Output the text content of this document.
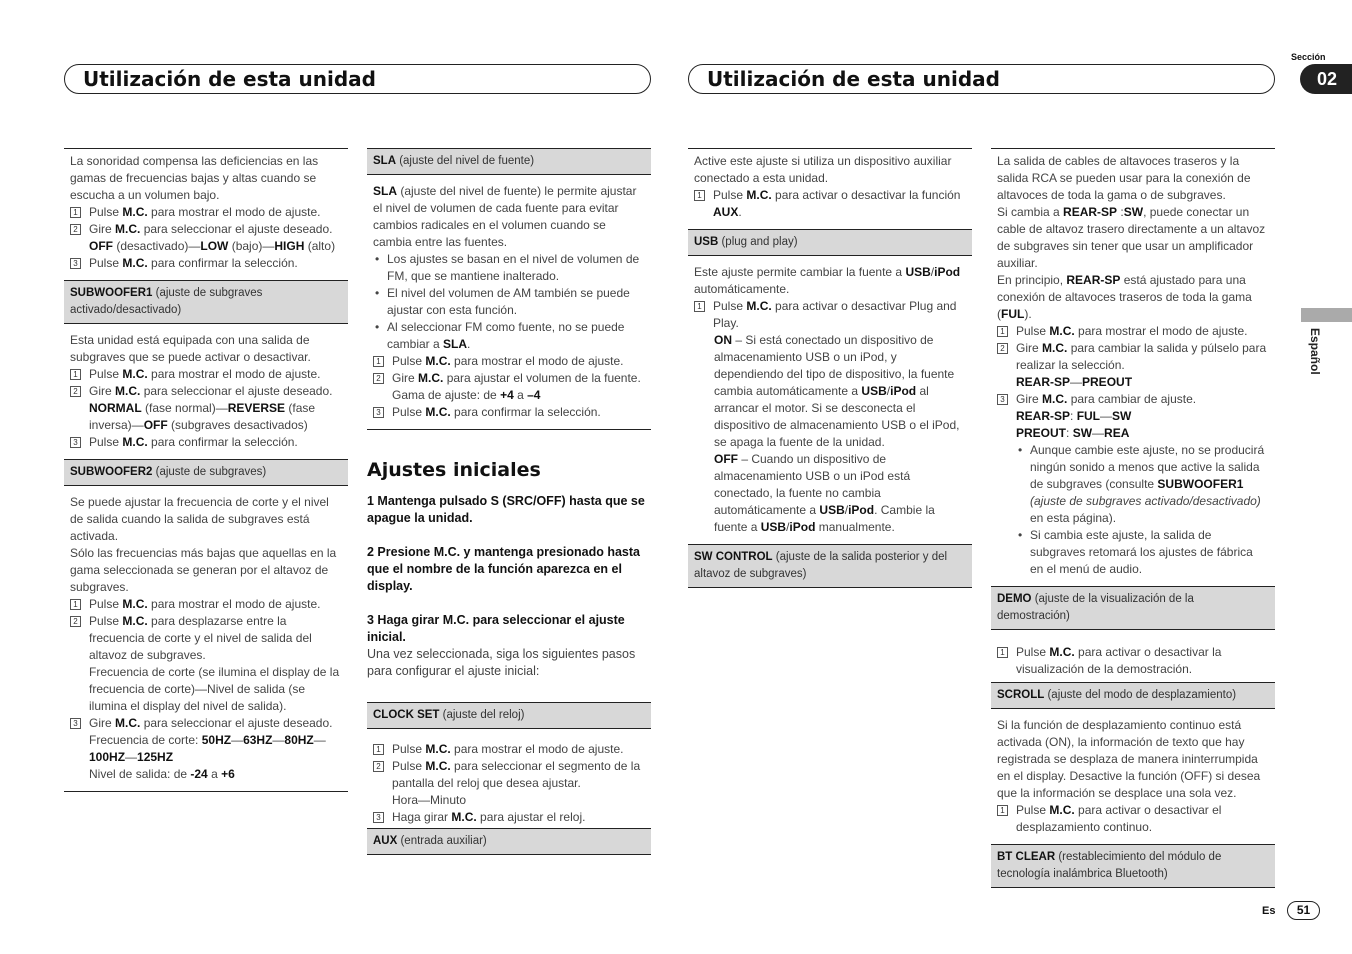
Utilización de esta unidad	Utilización de esta unidad
Sección
02
Español
La sonoridad compensa las deficiencias en las gamas de frecuencias bajas y altas cuando se escucha a un volumen bajo.
1 Pulse M.C. para mostrar el modo de ajuste.
2 Gire M.C. para seleccionar el ajuste deseado.
OFF (desactivado)—LOW (bajo)—HIGH (alto)
3 Pulse M.C. para confirmar la selección.
SUBWOOFER1 (ajuste de subgraves activado/desactivado)
Esta unidad está equipada con una salida de subgraves que se puede activar o desactivar.
1 Pulse M.C. para mostrar el modo de ajuste.
2 Gire M.C. para seleccionar el ajuste deseado.
NORMAL (fase normal)—REVERSE (fase inversa)—OFF (subgraves desactivados)
3 Pulse M.C. para confirmar la selección.
SUBWOOFER2 (ajuste de subgraves)
Se puede ajustar la frecuencia de corte y el nivel de salida cuando la salida de subgraves está activada.
Sólo las frecuencias más bajas que aquellas en la gama seleccionada se generan por el altavoz de subgraves.
1 Pulse M.C. para mostrar el modo de ajuste.
2 Pulse M.C. para desplazarse entre la frecuencia de corte y el nivel de salida del altavoz de subgraves.
Frecuencia de corte (se ilumina el display de la frecuencia de corte)—Nivel de salida (se ilumina el display del nivel de salida).
3 Gire M.C. para seleccionar el ajuste deseado.
Frecuencia de corte: 50HZ—63HZ—80HZ—100HZ—125HZ
Nivel de salida: de -24 a +6
SLA (ajuste del nivel de fuente)
SLA (ajuste del nivel de fuente) le permite ajustar el nivel de volumen de cada fuente para evitar cambios radicales en el volumen cuando se cambia entre las fuentes.
• Los ajustes se basan en el nivel de volumen de FM, que se mantiene inalterado.
• El nivel del volumen de AM también se puede ajustar con esta función.
• Al seleccionar FM como fuente, no se puede cambiar a SLA.
1 Pulse M.C. para mostrar el modo de ajuste.
2 Gire M.C. para ajustar el volumen de la fuente.
Gama de ajuste: de +4 a –4
3 Pulse M.C. para confirmar la selección.
Ajustes iniciales
1 Mantenga pulsado S (SRC/OFF) hasta que se apague la unidad.
2 Presione M.C. y mantenga presionado hasta que el nombre de la función aparezca en el display.
3 Haga girar M.C. para seleccionar el ajuste inicial.
Una vez seleccionada, siga los siguientes pasos para configurar el ajuste inicial:
CLOCK SET (ajuste del reloj)
1 Pulse M.C. para mostrar el modo de ajuste.
2 Pulse M.C. para seleccionar el segmento de la pantalla del reloj que desea ajustar.
Hora—Minuto
3 Haga girar M.C. para ajustar el reloj.
AUX (entrada auxiliar)
Active este ajuste si utiliza un dispositivo auxiliar conectado a esta unidad.
1 Pulse M.C. para activar o desactivar la función AUX.
USB (plug and play)
Este ajuste permite cambiar la fuente a USB/iPod automáticamente.
1 Pulse M.C. para activar o desactivar Plug and Play.
ON – Si está conectado un dispositivo de almacenamiento USB o un iPod, y dependiendo del tipo de dispositivo, la fuente cambia automáticamente a USB/iPod al arrancar el motor. Si se desconecta el dispositivo de almacenamiento USB o el iPod, se apaga la fuente de la unidad.
OFF – Cuando un dispositivo de almacenamiento USB o un iPod está conectado, la fuente no cambia automáticamente a USB/iPod. Cambie la fuente a USB/iPod manualmente.
SW CONTROL (ajuste de la salida posterior y del altavoz de subgraves)
La salida de cables de altavoces traseros y la salida RCA se pueden usar para la conexión de altavoces de toda la gama o de subgraves.
Si cambia a REAR-SP :SW, puede conectar un cable de altavoz trasero directamente a un altavoz de subgraves sin tener que usar un amplificador auxiliar.
En principio, REAR-SP está ajustado para una conexión de altavoces traseros de toda la gama (FUL).
1 Pulse M.C. para mostrar el modo de ajuste.
2 Gire M.C. para cambiar la salida y púlselo para realizar la selección.
REAR-SP—PREOUT
3 Gire M.C. para cambiar de ajuste.
REAR-SP: FUL—SW
PREOUT: SW—REA
• Aunque cambie este ajuste, no se producirá ningún sonido a menos que active la salida de subgraves (consulte SUBWOOFER1 (ajuste de subgraves activado/desactivado) en esta página).
• Si cambia este ajuste, la salida de subgraves retomará los ajustes de fábrica en el menú de audio.
DEMO (ajuste de la visualización de la demostración)
1 Pulse M.C. para activar o desactivar la visualización de la demostración.
SCROLL (ajuste del modo de desplazamiento)
Si la función de desplazamiento continuo está activada (ON), la información de texto que hay registrada se desplaza de manera ininterrumpida en el display. Desactive la función (OFF) si desea que la información se desplace una sola vez.
1 Pulse M.C. para activar o desactivar el desplazamiento continuo.
BT CLEAR (restablecimiento del módulo de tecnología inalámbrica Bluetooth)
Es	51
